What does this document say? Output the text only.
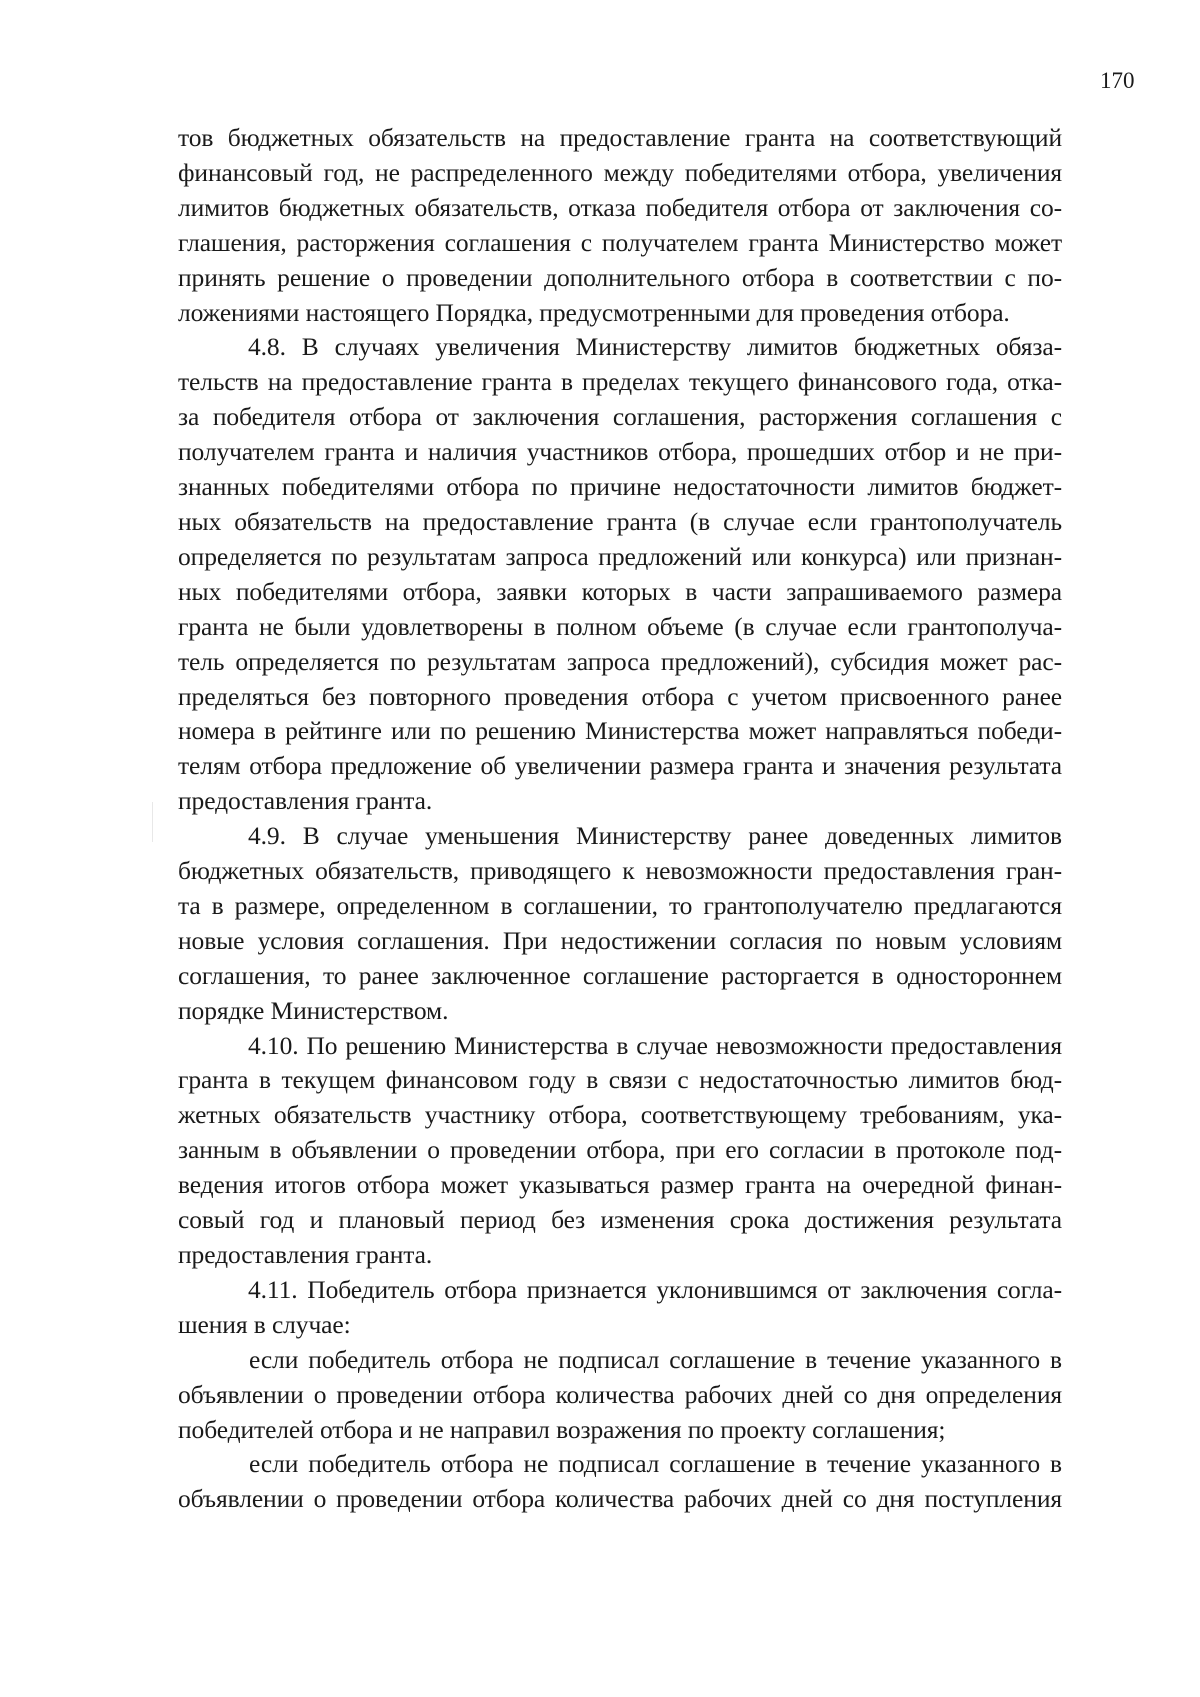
170
тов бюджетных обязательств на предоставление гранта на соответствующий
финансовый год, не распределенного между победителями отбора, увеличения
лимитов бюджетных обязательств, отказа победителя отбора от заключения со-
глашения, расторжения соглашения с получателем гранта Министерство может
принять решение о проведении дополнительного отбора в соответствии с по-
ложениями настоящего Порядка, предусмотренными для проведения отбора.
4.8. В случаях увеличения Министерству лимитов бюджетных обяза-
тельств на предоставление гранта в пределах текущего финансового года, отка-
за победителя отбора от заключения соглашения, расторжения соглашения с
получателем гранта и наличия участников отбора, прошедших отбор и не при-
знанных победителями отбора по причине недостаточности лимитов бюджет-
ных обязательств на предоставление гранта (в случае если грантополучатель
определяется по результатам запроса предложений или конкурса) или признан-
ных победителями отбора, заявки которых в части запрашиваемого размера
гранта не были удовлетворены в полном объеме (в случае если грантополуча-
тель определяется по результатам запроса предложений), субсидия может рас-
пределяться без повторного проведения отбора с учетом присвоенного ранее
номера в рейтинге или по решению Министерства может направляться победи-
телям отбора предложение об увеличении размера гранта и значения результата
предоставления гранта.
4.9. В случае уменьшения Министерству ранее доведенных лимитов
бюджетных обязательств, приводящего к невозможности предоставления гран-
та в размере, определенном в соглашении, то грантополучателю предлагаются
новые условия соглашения. При недостижении согласия по новым условиям
соглашения, то ранее заключенное соглашение расторгается в одностороннем
порядке Министерством.
4.10. По решению Министерства в случае невозможности предоставления
гранта в текущем финансовом году в связи с недостаточностью лимитов бюд-
жетных обязательств участнику отбора, соответствующему требованиям, ука-
занным в объявлении о проведении отбора, при его согласии в протоколе под-
ведения итогов отбора может указываться размер гранта на очередной финан-
совый год и плановый период без изменения срока достижения результата
предоставления гранта.
4.11. Победитель отбора признается уклонившимся от заключения согла-
шения в случае:
если победитель отбора не подписал соглашение в течение указанного в
объявлении о проведении отбора количества рабочих дней со дня определения
победителей отбора и не направил возражения по проекту соглашения;
если победитель отбора не подписал соглашение в течение указанного в
объявлении о проведении отбора количества рабочих дней со дня поступления
